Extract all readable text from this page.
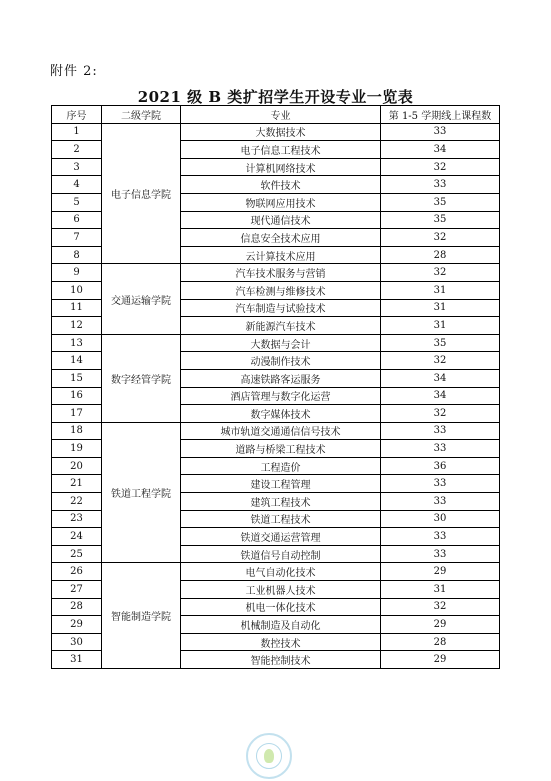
附件 2:
2021 级 B 类扩招学生开设专业一览表
序号	二级学院	专业	第 1-5 学期线上课程数
1	电子信息学院	大数据技术	33
2		电子信息工程技术	34
3		计算机网络技术	32
4		软件技术	33
5		物联网应用技术	35
6		现代通信技术	35
7		信息安全技术应用	32
8		云计算技术应用	28
9	交通运输学院	汽车技术服务与营销	32
10		汽车检测与维修技术	31
11		汽车制造与试验技术	31
12		新能源汽车技术	31
13	数字经管学院	大数据与会计	35
14		动漫制作技术	32
15		高速铁路客运服务	34
16		酒店管理与数字化运营	34
17		数字媒体技术	32
18	铁道工程学院	城市轨道交通通信信号技术	33
19		道路与桥梁工程技术	33
20		工程造价	36
21		建设工程管理	33
22		建筑工程技术	33
23		铁道工程技术	30
24		铁道交通运营管理	33
25		铁道信号自动控制	33
26	智能制造学院	电气自动化技术	29
27		工业机器人技术	31
28		机电一体化技术	32
29		机械制造及自动化	29
30		数控技术	28
31		智能控制技术	29
